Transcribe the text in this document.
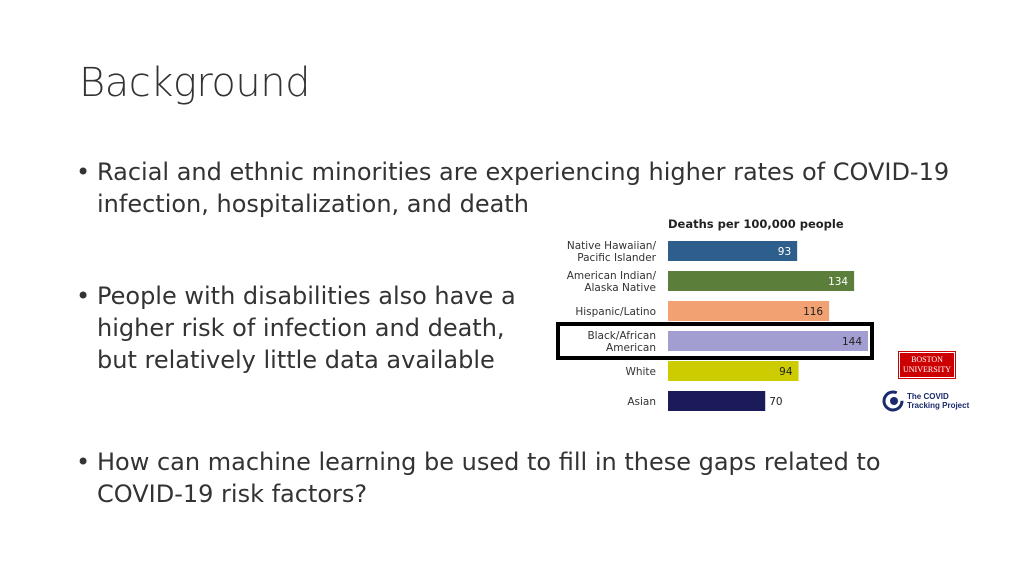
Background
• Racial and ethnic minorities are experiencing higher rates of COVID-19 infection, hospitalization, and death
• People with disabilities also have a higher risk of infection and death, but relatively little data available
• How can machine learning be used to fill in these gaps related to COVID-19 risk factors?
Deaths per 100,000 people
Native Hawaiian/
Pacific Islander	93
American Indian/
Alaska Native	134
Hispanic/Latino	116
Black/African
American	144
White	94
Asian	70
BOSTON UNIVERSITY
The COVID Tracking Project
